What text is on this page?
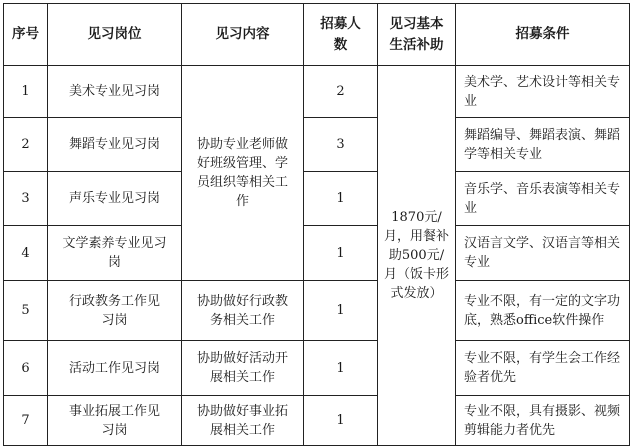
序号	见习岗位	见习内容	招募人数	见习基本生活补助	招募条件
1	美术专业见习岗	协助专业老师做好班级管理、学员组织等相关工作	2	1870元/月，用餐补助500元/月（饭卡形式发放）	美术学、艺术设计等相关专业
2	舞蹈专业见习岗		3		舞蹈编导、舞蹈表演、舞蹈学等相关专业
3	声乐专业见习岗		1		音乐学、音乐表演等相关专业
4	文学素养专业见习岗		1		汉语言文学、汉语言等相关专业
5	行政教务工作见习岗	协助做好行政教务相关工作	1		专业不限，有一定的文字功底，熟悉office软件操作
6	活动工作见习岗	协助做好活动开展相关工作	1		专业不限，有学生会工作经验者优先
7	事业拓展工作见习岗	协助做好事业拓展相关工作	1		专业不限，具有摄影、视频剪辑能力者优先
